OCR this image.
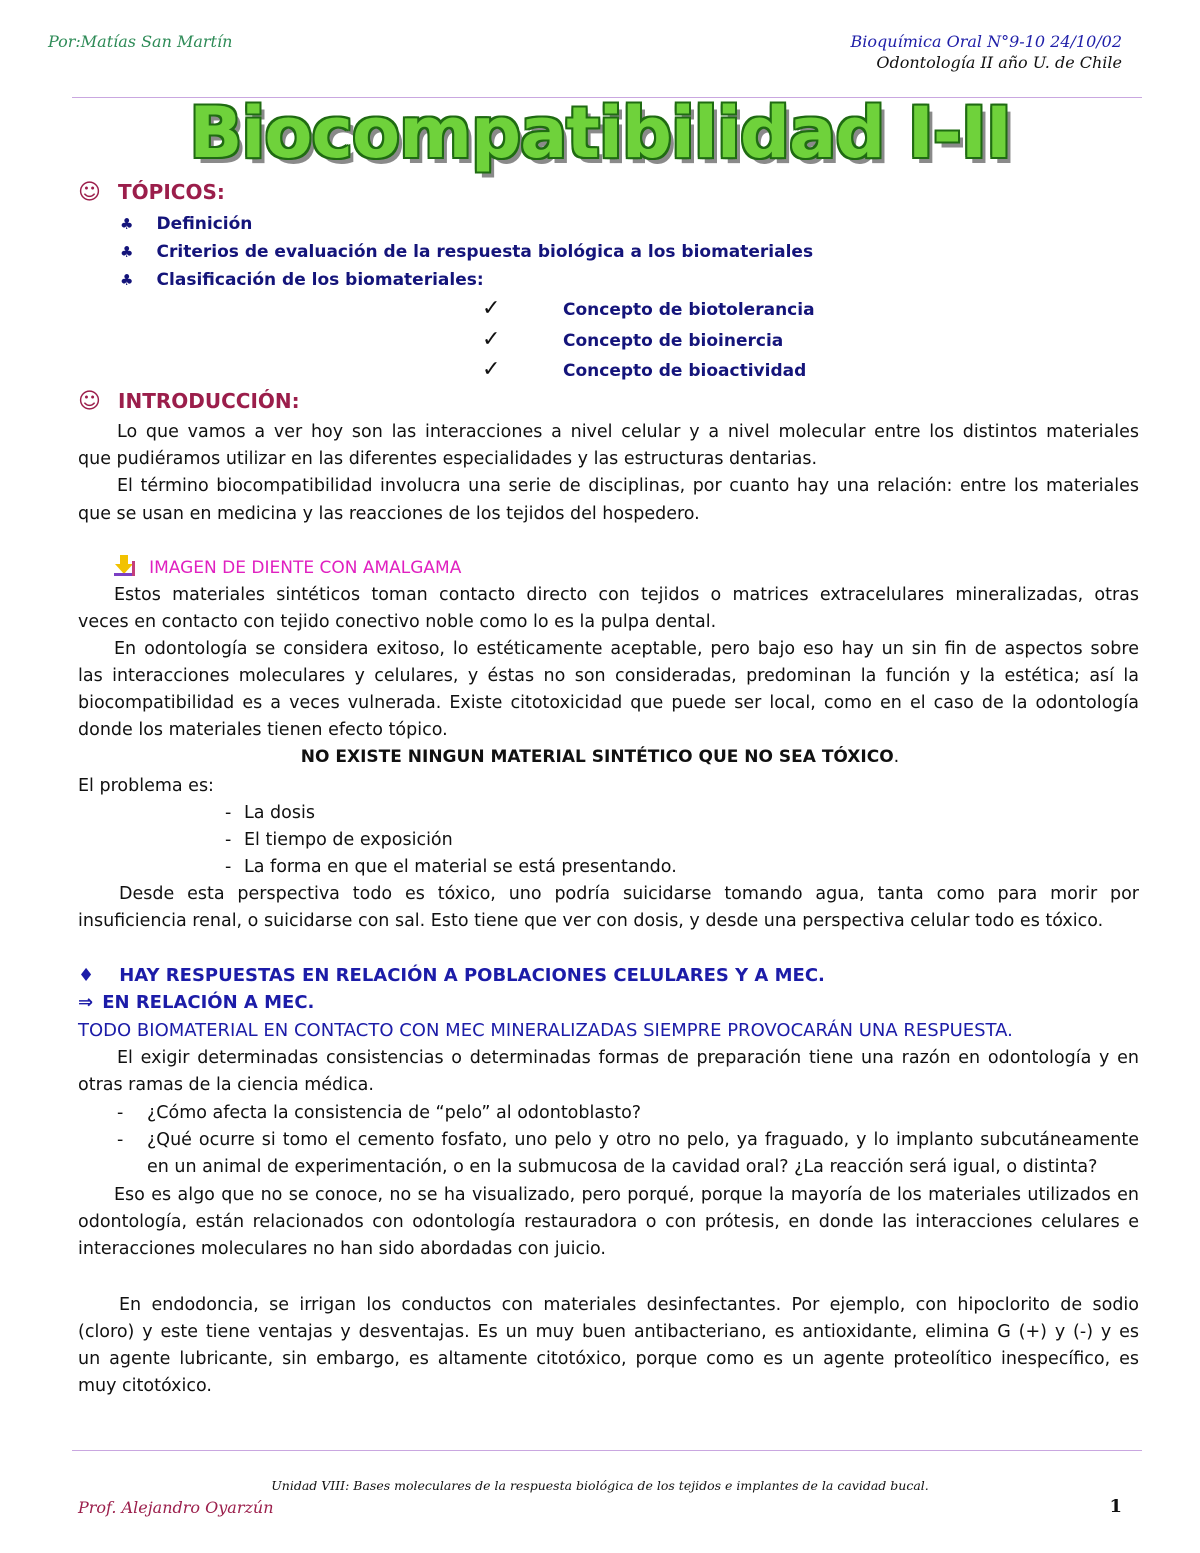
Por:Matías San Martín	Bioquímica Oral N°9-10 24/10/02
Odontología II año U. de Chile
Biocompatibilidad I-II
☺ TÓPICOS:
♣ Definición
♣ Criterios de evaluación de la respuesta biológica a los biomateriales
♣ Clasificación de los biomateriales:
✓	Concepto de biotolerancia
✓	Concepto de bioinercia
✓	Concepto de bioactividad
☺ INTRODUCCIÓN:
Lo que vamos a ver hoy son las interacciones a nivel celular y a nivel molecular entre los distintos materiales
que pudiéramos utilizar en las diferentes especialidades y las estructuras dentarias.
El término biocompatibilidad involucra una serie de disciplinas, por cuanto hay una relación: entre los materiales
que se usan en medicina y las reacciones de los tejidos del hospedero.
IMAGEN DE DIENTE CON AMALGAMA
Estos materiales sintéticos toman contacto directo con tejidos o matrices extracelulares mineralizadas, otras
veces en contacto con tejido conectivo noble como lo es la pulpa dental.
En odontología se considera exitoso, lo estéticamente aceptable, pero bajo eso hay un sin fin de aspectos sobre
las interacciones moleculares y celulares, y éstas no son consideradas, predominan la función y la estética; así la
biocompatibilidad es a veces vulnerada. Existe citotoxicidad que puede ser local, como en el caso de la odontología
donde los materiales tienen efecto tópico.
NO EXISTE NINGUN MATERIAL SINTÉTICO QUE NO SEA TÓXICO.
El problema es:
- La dosis
- El tiempo de exposición
- La forma en que el material se está presentando.
Desde esta perspectiva todo es tóxico, uno podría suicidarse tomando agua, tanta como para morir por
insuficiencia renal, o suicidarse con sal. Esto tiene que ver con dosis, y desde una perspectiva celular todo es tóxico.
♦ HAY RESPUESTAS EN RELACIÓN A POBLACIONES CELULARES Y A MEC.
⇒ EN RELACIÓN A MEC.
TODO BIOMATERIAL EN CONTACTO CON MEC MINERALIZADAS SIEMPRE PROVOCARÁN UNA RESPUESTA.
El exigir determinadas consistencias o determinadas formas de preparación tiene una razón en odontología y en
otras ramas de la ciencia médica.
- ¿Cómo afecta la consistencia de “pelo” al odontoblasto?
- ¿Qué ocurre si tomo el cemento fosfato, uno pelo y otro no pelo, ya fraguado, y lo implanto subcutáneamente
en un animal de experimentación, o en la submucosa de la cavidad oral? ¿La reacción será igual, o distinta?
Eso es algo que no se conoce, no se ha visualizado, pero porqué, porque la mayoría de los materiales utilizados en
odontología, están relacionados con odontología restauradora o con prótesis, en donde las interacciones celulares e
interacciones moleculares no han sido abordadas con juicio.
En endodoncia, se irrigan los conductos con materiales desinfectantes. Por ejemplo, con hipoclorito de sodio
(cloro) y este tiene ventajas y desventajas. Es un muy buen antibacteriano, es antioxidante, elimina G (+) y (-) y es
un agente lubricante, sin embargo, es altamente citotóxico, porque como es un agente proteolítico inespecífico, es
muy citotóxico.
Unidad VIII: Bases moleculares de la respuesta biológica de los tejidos e implantes de la cavidad bucal.
Prof. Alejandro Oyarzún	1
